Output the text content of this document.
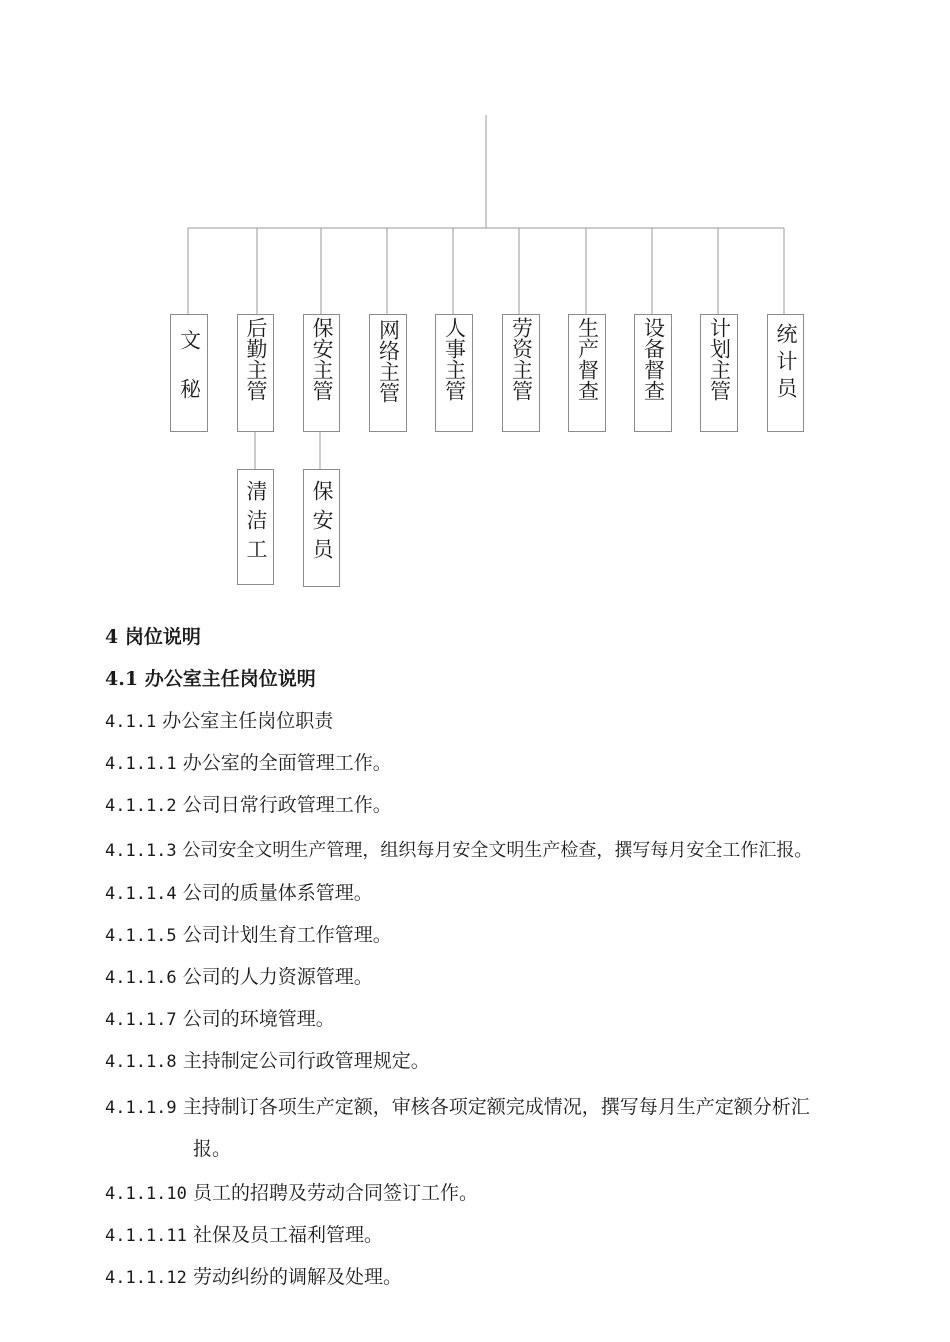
文秘 后勤主管 保安主管 网络主管 人事主管 劳资主管 生产督查 设备督查 计划主管 统计员
清洁工 保安员
4 岗位说明
4.1 办公室主任岗位说明
4.1.1 办公室主任岗位职责
4.1.1.1 办公室的全面管理工作。
4.1.1.2 公司日常行政管理工作。
4.1.1.3 公司安全文明生产管理，组织每月安全文明生产检查，撰写每月安全工作汇报。
4.1.1.4 公司的质量体系管理。
4.1.1.5 公司计划生育工作管理。
4.1.1.6 公司的人力资源管理。
4.1.1.7 公司的环境管理。
4.1.1.8 主持制定公司行政管理规定。
4.1.1.9 主持制订各项生产定额，审核各项定额完成情况，撰写每月生产定额分析汇
报。
4.1.1.10 员工的招聘及劳动合同签订工作。
4.1.1.11 社保及员工福利管理。
4.1.1.12 劳动纠纷的调解及处理。
